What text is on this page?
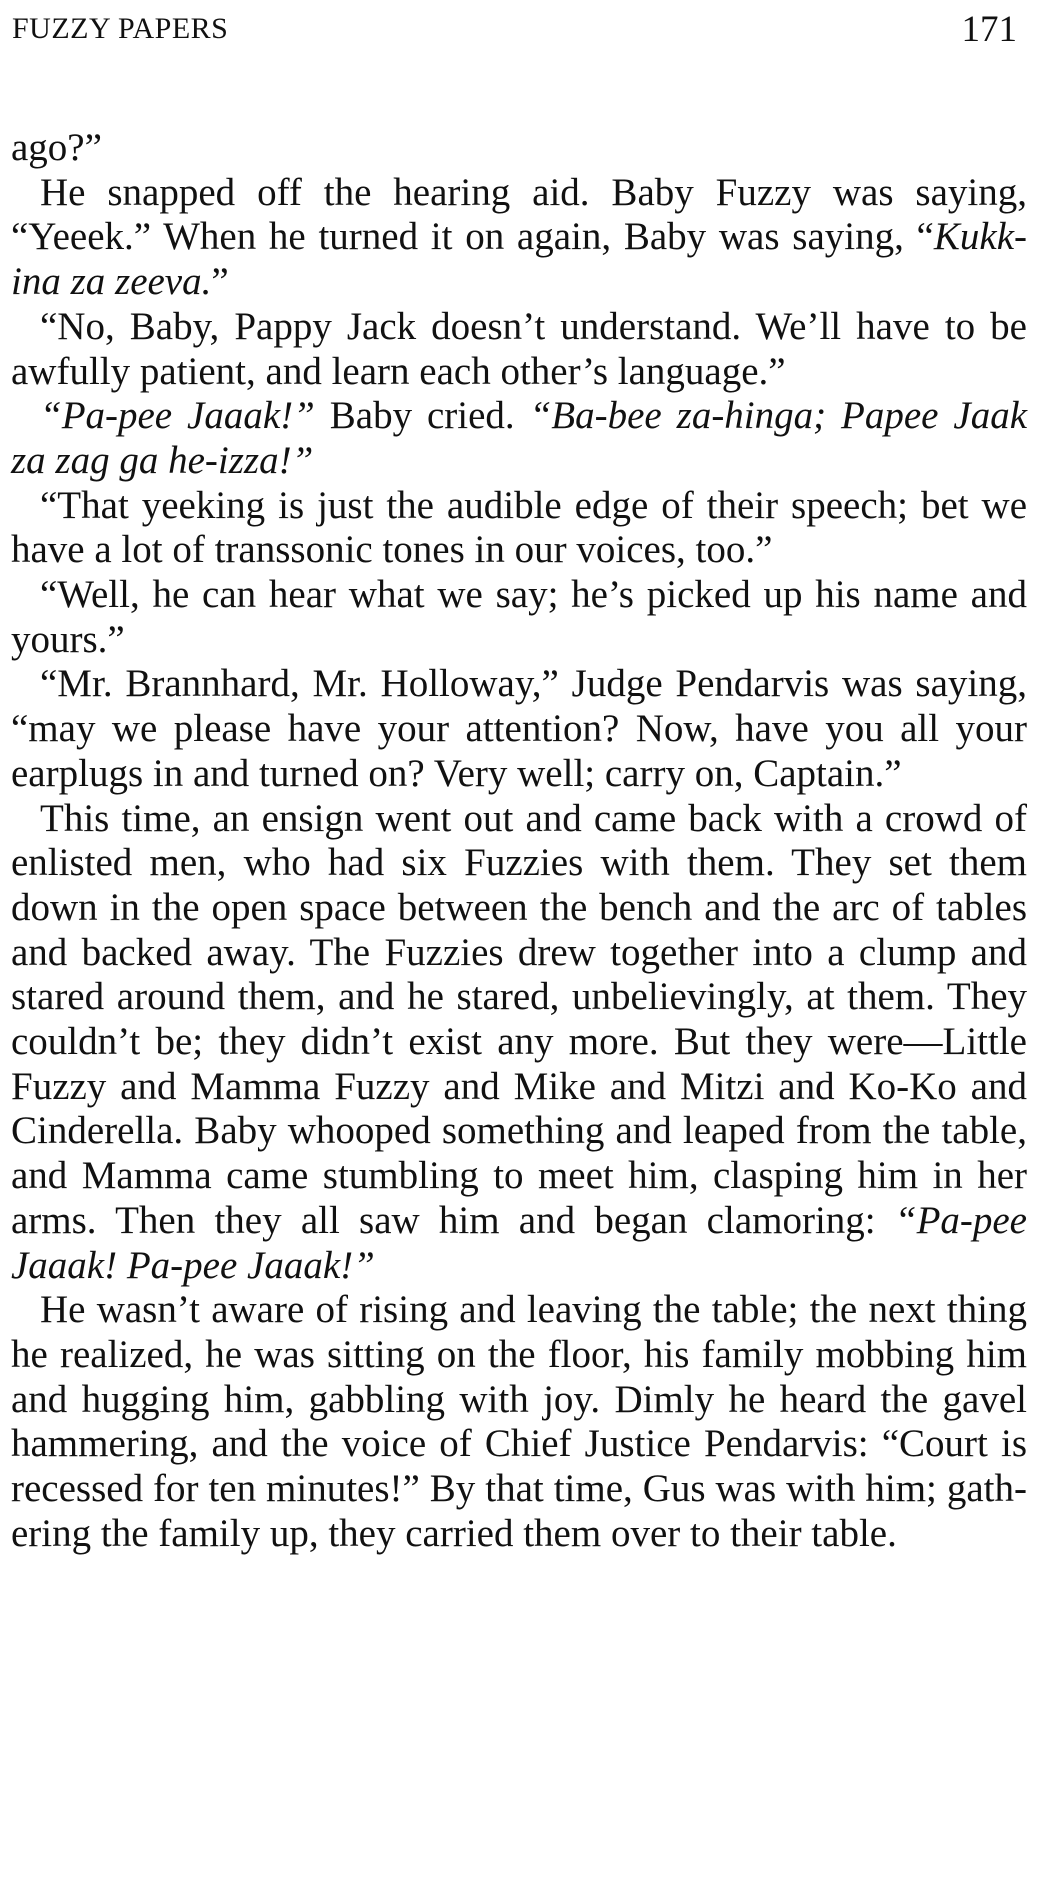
FUZZY PAPERS	171

ago?”

He snapped off the hearing aid. Baby Fuzzy was saying, “Yeeek.” When he turned it on again, Baby was saying, “Kukk-ina za zeeva.”

“No, Baby, Pappy Jack doesn’t understand. We’ll have to be awfully patient, and learn each other’s language.”

“Pa-pee Jaaak!” Baby cried. “Ba-bee za-hinga; Papee Jaak za zag ga he-izza!”

“That yeeking is just the audible edge of their speech; bet we have a lot of transsonic tones in our voices, too.”

“Well, he can hear what we say; he’s picked up his name and yours.”

“Mr. Brannhard, Mr. Holloway,” Judge Pendarvis was saying, “may we please have your attention? Now, have you all your earplugs in and turned on? Very well; carry on, Captain.”

This time, an ensign went out and came back with a crowd of enlisted men, who had six Fuzzies with them. They set them down in the open space between the bench and the arc of tables and backed away. The Fuzzies drew together into a clump and stared around them, and he stared, unbelievingly, at them. They couldn’t be; they didn’t exist any more. But they were—Little Fuzzy and Mamma Fuzzy and Mike and Mitzi and Ko-Ko and Cinderella. Baby whooped something and leaped from the table, and Mamma came stumbling to meet him, clasping him in her arms. Then they all saw him and began clamoring: “Pa-pee Jaaak! Pa-pee Jaaak!”

He wasn’t aware of rising and leaving the table; the next thing he realized, he was sitting on the floor, his family mobbing him and hugging him, gabbling with joy. Dimly he heard the gavel hammering, and the voice of Chief Justice Pendarvis: “Court is recessed for ten minutes!” By that time, Gus was with him; gathering the family up, they carried them over to their table.
